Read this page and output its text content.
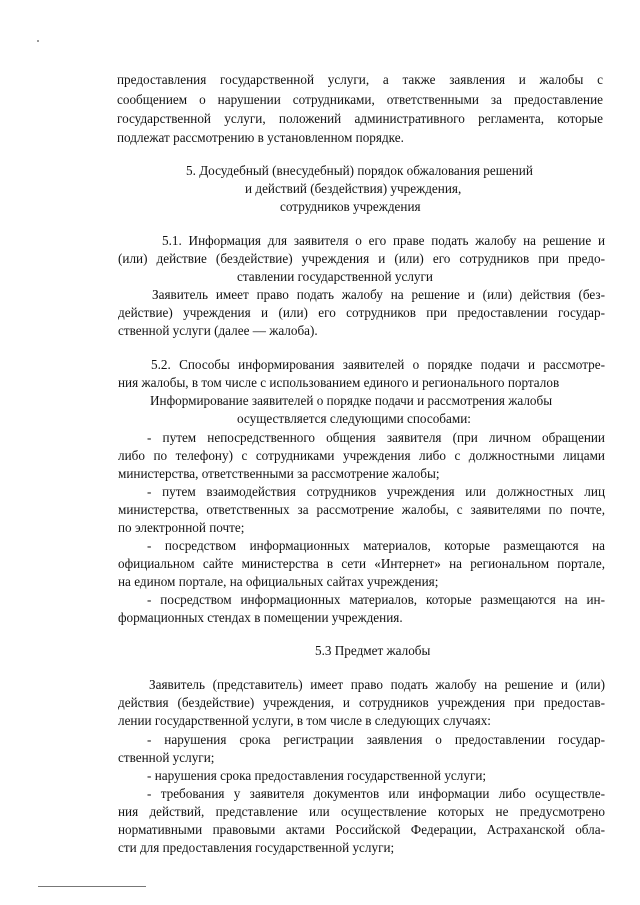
предоставления государственной услуги, а также заявления и жалобы с
сообщением о нарушении сотрудниками, ответственными за предоставление
государственной услуги, положений административного регламента, которые
подлежат рассмотрению в установленном порядке.
5. Досудебный (внесудебный) порядок обжалования решений
и действий (бездействия) учреждения,
сотрудников учреждения
5.1. Информация для заявителя о его праве подать жалобу на решение и
(или) действие (бездействие) учреждения и (или) его сотрудников при предо-
ставлении государственной услуги
Заявитель имеет право подать жалобу на решение и (или) действия (без-
действие) учреждения и (или) его сотрудников при предоставлении государ-
ственной услуги (далее — жалоба).
5.2. Способы информирования заявителей о порядке подачи и рассмотре-
ния жалобы, в том числе с использованием единого и регионального порталов
Информирование заявителей о порядке подачи и рассмотрения жалобы
осуществляется следующими способами:
- путем непосредственного общения заявителя (при личном обращении
либо по телефону) с сотрудниками учреждения либо с должностными лицами
министерства, ответственными за рассмотрение жалобы;
- путем взаимодействия сотрудников учреждения или должностных лиц
министерства, ответственных за рассмотрение жалобы, с заявителями по почте,
по электронной почте;
- посредством информационных материалов, которые размещаются на
официальном сайте министерства в сети «Интернет» на региональном портале,
на едином портале, на официальных сайтах учреждения;
- посредством информационных материалов, которые размещаются на ин-
формационных стендах в помещении учреждения.
5.3 Предмет жалобы
Заявитель (представитель) имеет право подать жалобу на решение и (или)
действия (бездействие) учреждения, и сотрудников учреждения при предостав-
лении государственной услуги, в том числе в следующих случаях:
- нарушения срока регистрации заявления о предоставлении государ-
ственной услуги;
- нарушения срока предоставления государственной услуги;
- требования у заявителя документов или информации либо осуществле-
ния действий, представление или осуществление которых не предусмотрено
нормативными правовыми актами Российской Федерации, Астраханской обла-
сти для предоставления государственной услуги;
